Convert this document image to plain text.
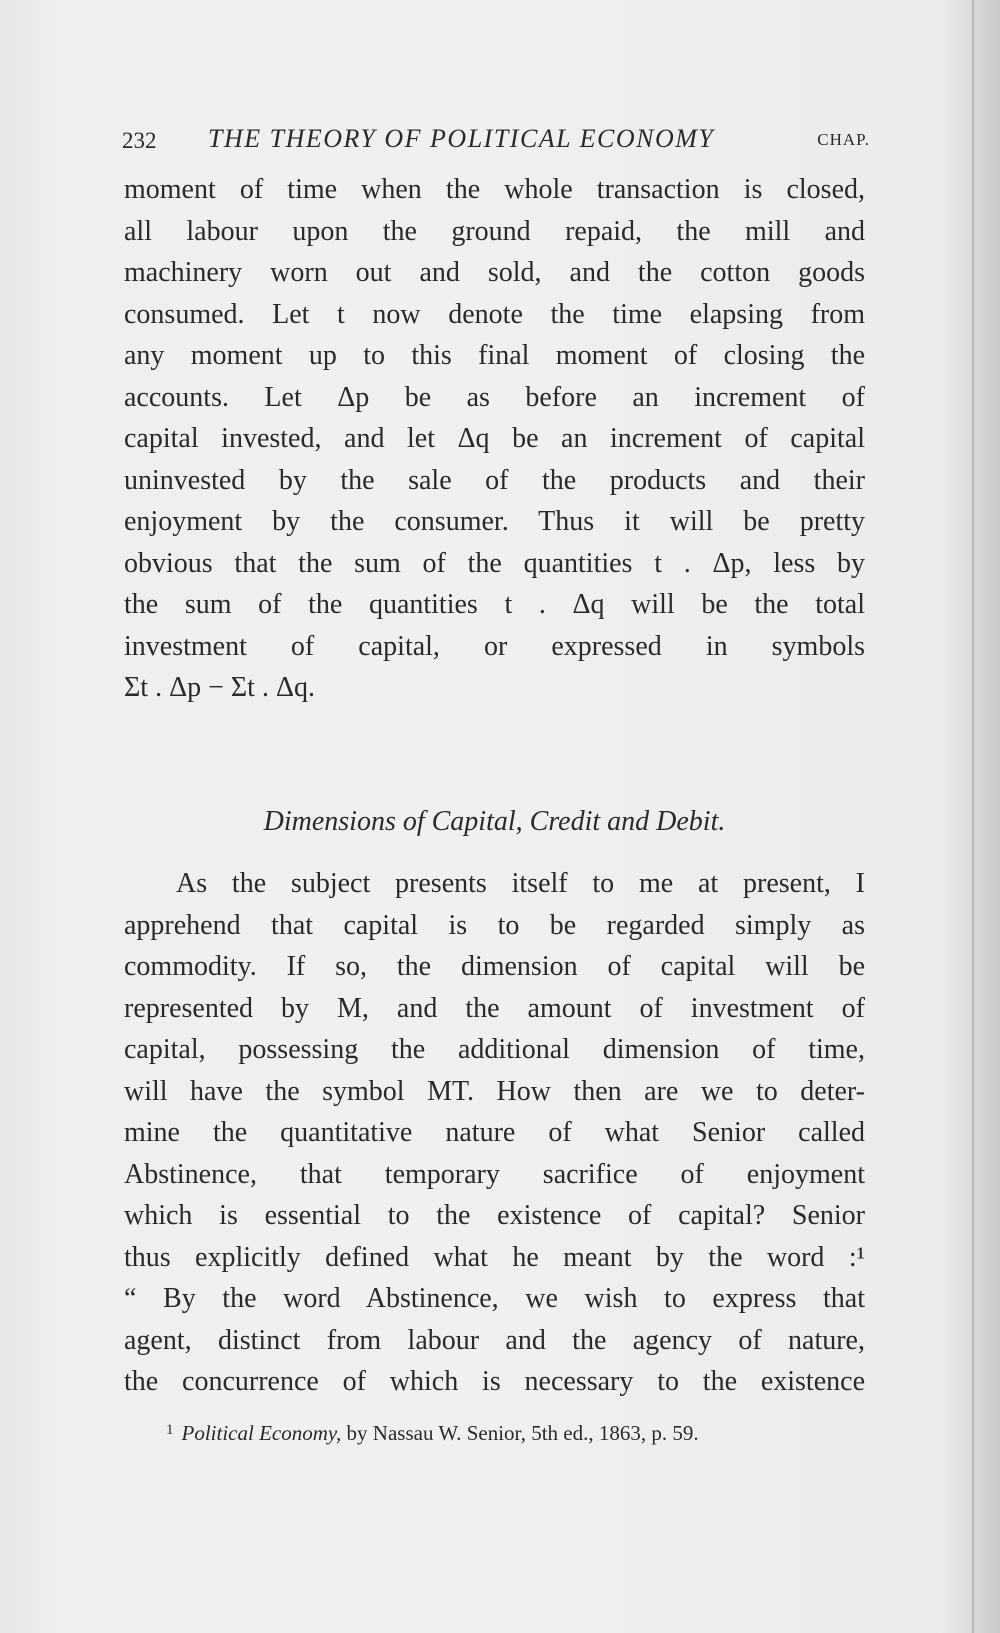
232 THE THEORY OF POLITICAL ECONOMY	CHAP.
moment of time when the whole transaction is closed,
all labour upon the ground repaid, the mill and
machinery worn out and sold, and the cotton goods
consumed. Let t now denote the time elapsing from
any moment up to this final moment of closing the
accounts. Let Δp be as before an increment of
capital invested, and let Δq be an increment of capital
uninvested by the sale of the products and their
enjoyment by the consumer. Thus it will be pretty
obvious that the sum of the quantities t . Δp, less by
the sum of the quantities t . Δq will be the total
investment of capital, or expressed in symbols
Σt . Δp − Σt . Δq.
Dimensions of Capital, Credit and Debit.
As the subject presents itself to me at present, I
apprehend that capital is to be regarded simply as
commodity. If so, the dimension of capital will be
represented by M, and the amount of investment of
capital, possessing the additional dimension of time,
will have the symbol MT. How then are we to deter-
mine the quantitative nature of what Senior called
Abstinence, that temporary sacrifice of enjoyment
which is essential to the existence of capital? Senior
thus explicitly defined what he meant by the word :¹
“ By the word Abstinence, we wish to express that
agent, distinct from labour and the agency of nature,
the concurrence of which is necessary to the existence
$^1$ Political Economy, by Nassau W. Senior, 5th ed., 1863, p. 59.
